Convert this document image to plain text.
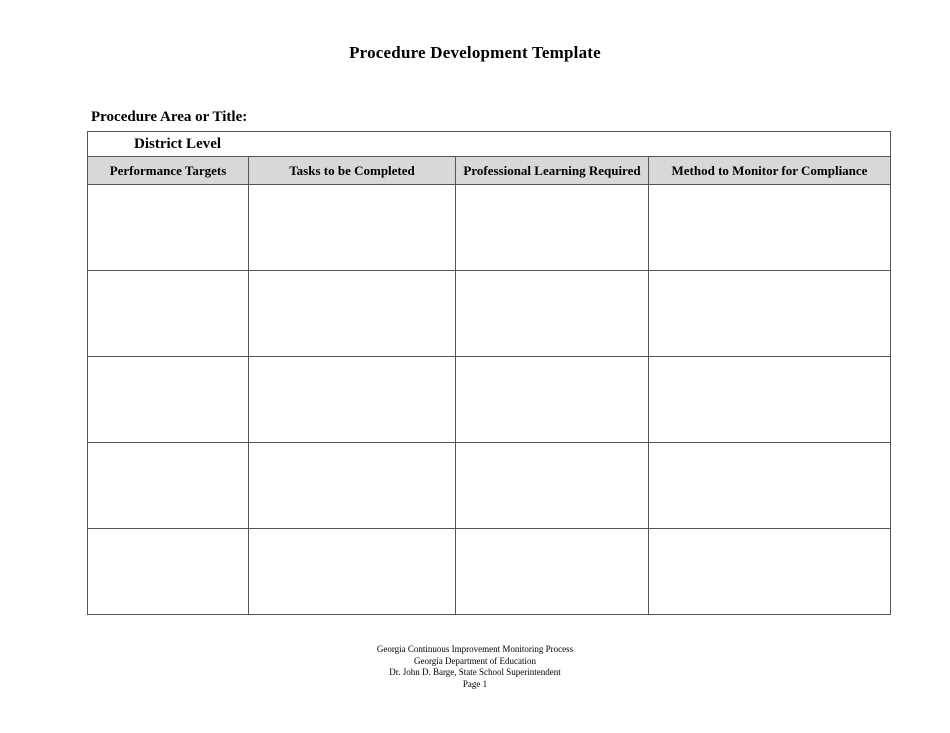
Procedure Development Template
Procedure Area or Title:
District Level			
Performance Targets	Tasks to be Completed	Professional Learning Required	Method to Monitor for Compliance

Georgia Continuous Improvement Monitoring Process
Georgia Department of Education
Dr. John D. Barge, State School Superintendent
Page 1
